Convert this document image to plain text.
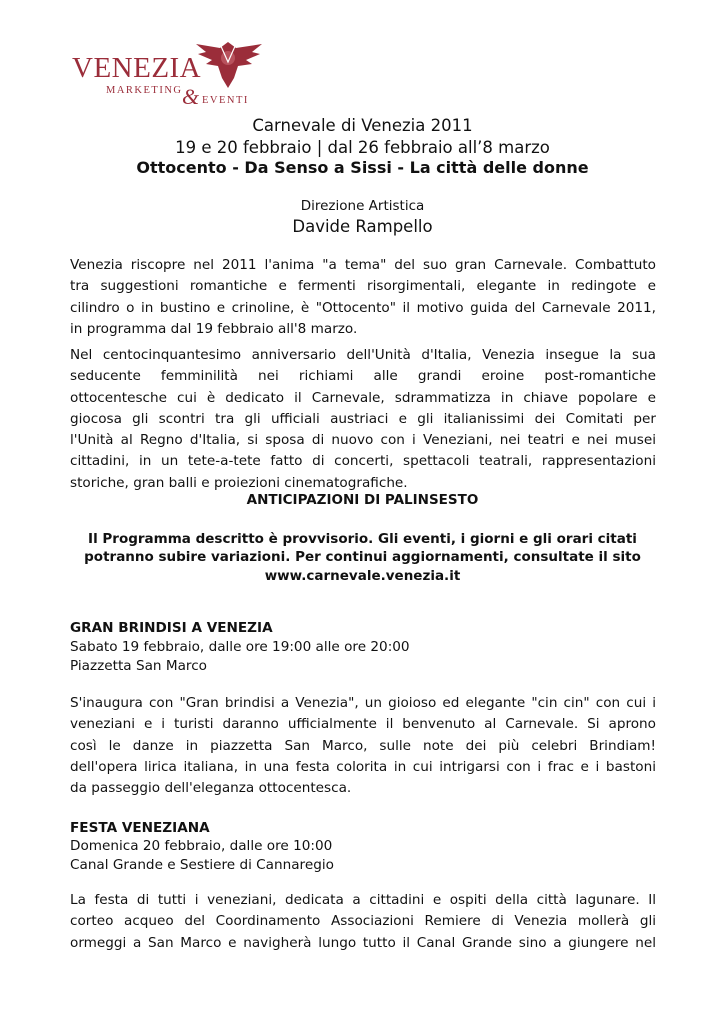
VENEZIA
MARKETING & EVENTI
Carnevale di Venezia 2011
19 e 20 febbraio | dal 26 febbraio all’8 marzo
Ottocento - Da Senso a Sissi - La città delle donne
Direzione Artistica
Davide Rampello
Venezia riscopre nel 2011 l'anima "a tema" del suo gran Carnevale. Combattuto
tra suggestioni romantiche e fermenti risorgimentali, elegante in redingote e
cilindro o in bustino e crinoline, è "Ottocento" il motivo guida del Carnevale 2011,
in programma dal 19 febbraio all'8 marzo.
Nel centocinquantesimo anniversario dell'Unità d'Italia, Venezia insegue la sua
seducente femminilità nei richiami alle grandi eroine post-romantiche
ottocentesche cui è dedicato il Carnevale, sdrammatizza in chiave popolare e
giocosa gli scontri tra gli ufficiali austriaci e gli italianissimi dei Comitati per
l'Unità al Regno d'Italia, si sposa di nuovo con i Veneziani, nei teatri e nei musei
cittadini, in un tete-a-tete fatto di concerti, spettacoli teatrali, rappresentazioni
storiche, gran balli e proiezioni cinematografiche.
ANTICIPAZIONI DI PALINSESTO
Il Programma descritto è provvisorio. Gli eventi, i giorni e gli orari citati
potranno subire variazioni. Per continui aggiornamenti, consultate il sito
www.carnevale.venezia.it
GRAN BRINDISI A VENEZIA
Sabato 19 febbraio, dalle ore 19:00 alle ore 20:00
Piazzetta San Marco
S'inaugura con "Gran brindisi a Venezia", un gioioso ed elegante "cin cin" con cui i
veneziani e i turisti daranno ufficialmente il benvenuto al Carnevale. Si aprono
così le danze in piazzetta San Marco, sulle note dei più celebri Brindiam!
dell'opera lirica italiana, in una festa colorita in cui intrigarsi con i frac e i bastoni
da passeggio dell'eleganza ottocentesca.
FESTA VENEZIANA
Domenica 20 febbraio, dalle ore 10:00
Canal Grande e Sestiere di Cannaregio
La festa di tutti i veneziani, dedicata a cittadini e ospiti della città lagunare. Il
corteo acqueo del Coordinamento Associazioni Remiere di Venezia mollerà gli
ormeggi a San Marco e navigherà lungo tutto il Canal Grande sino a giungere nel
